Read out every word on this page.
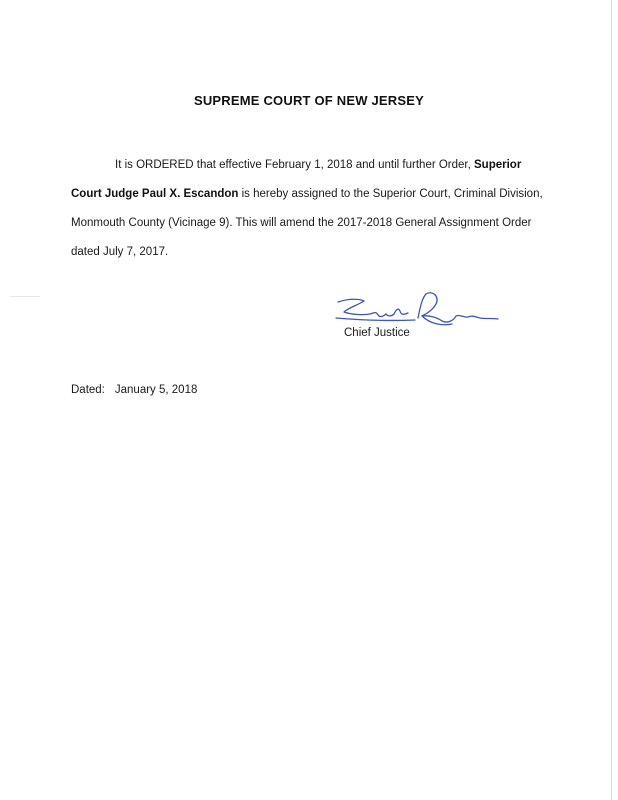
SUPREME COURT OF NEW JERSEY
It is ORDERED that effective February 1, 2018 and until further Order, Superior Court Judge Paul X. Escandon is hereby assigned to the Superior Court, Criminal Division, Monmouth County (Vicinage 9). This will amend the 2017-2018 General Assignment Order dated July 7, 2017.
Chief Justice
Dated: January 5, 2018
